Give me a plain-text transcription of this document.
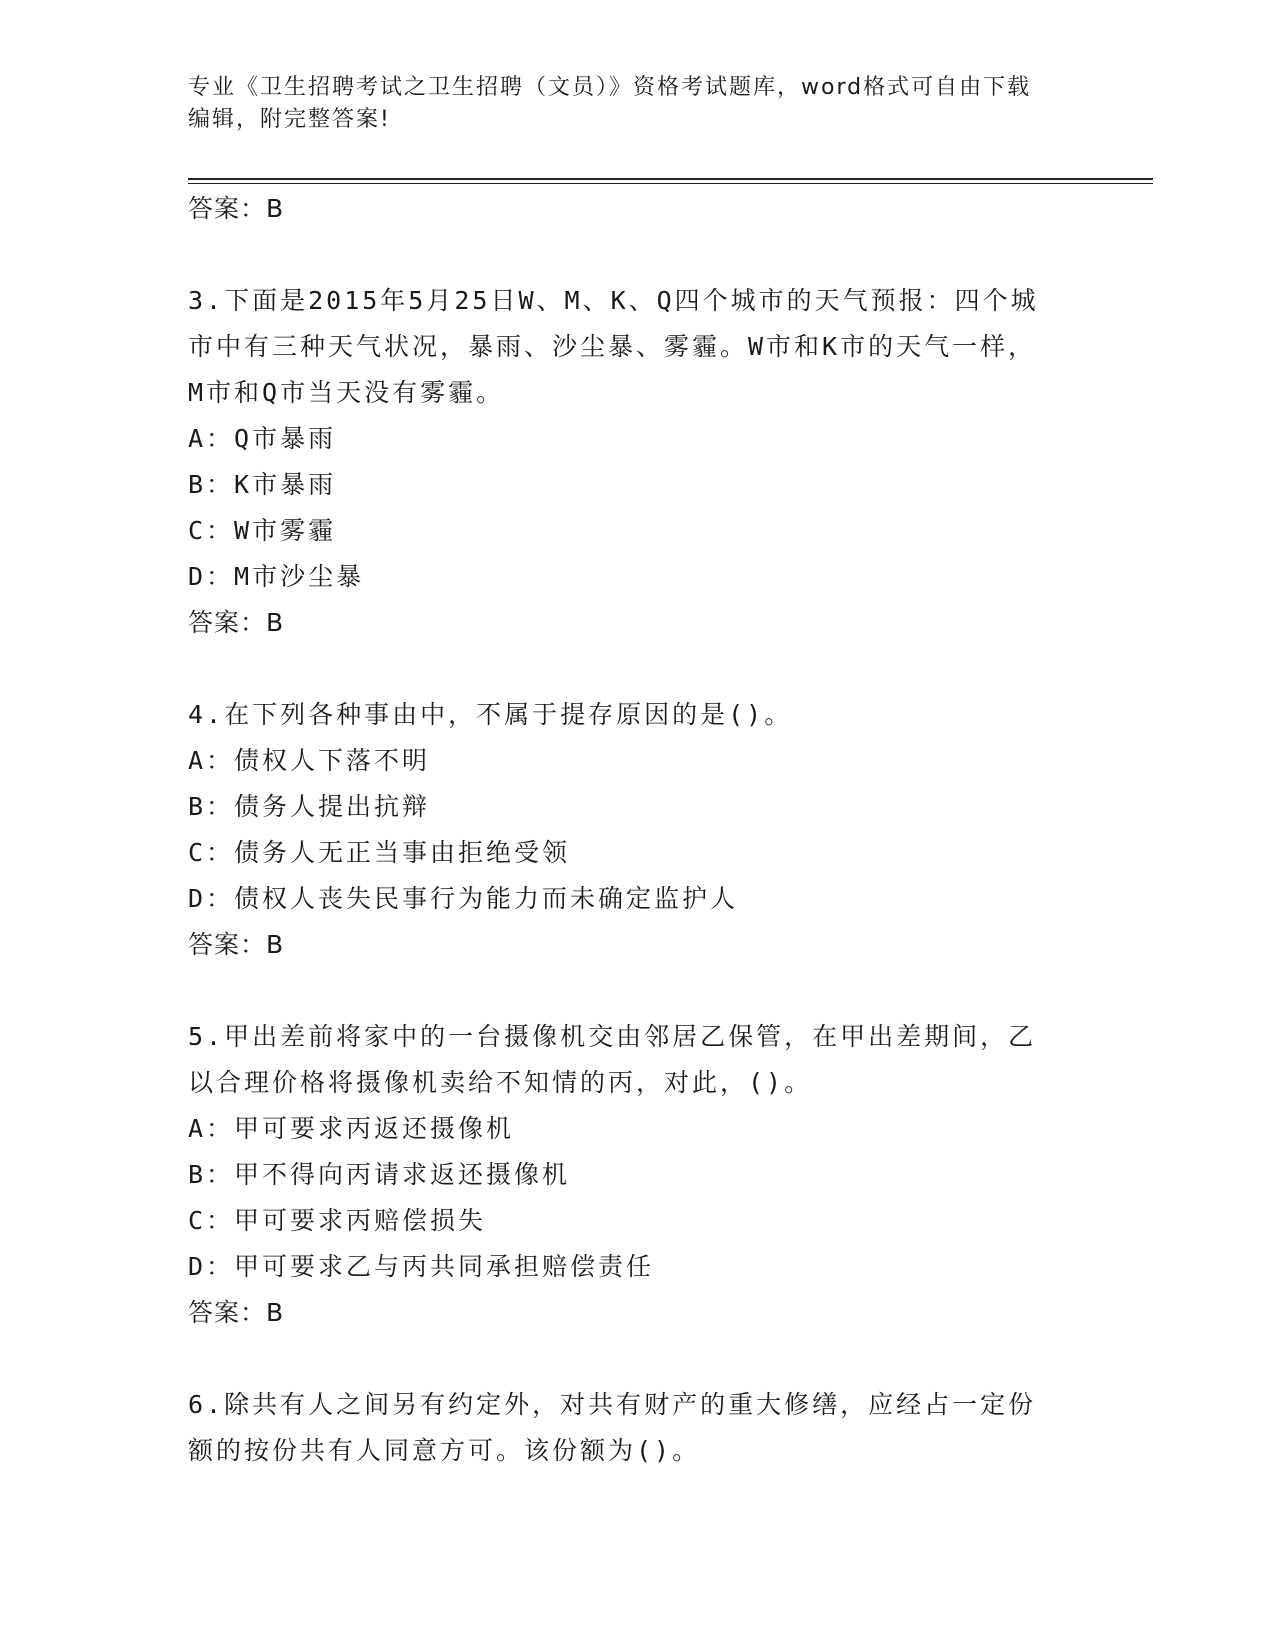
专业《卫生招聘考试之卫生招聘（文员）》资格考试题库，word格式可自由下载
编辑，附完整答案!
答案：B
3.下面是2015年5月25日W、M、K、Q四个城市的天气预报：四个城
市中有三种天气状况，暴雨、沙尘暴、雾霾。W市和K市的天气一样，
M市和Q市当天没有雾霾。
A：Q市暴雨
B：K市暴雨
C：W市雾霾
D：M市沙尘暴
答案：B
4.在下列各种事由中，不属于提存原因的是()。
A：债权人下落不明
B：债务人提出抗辩
C：债务人无正当事由拒绝受领
D：债权人丧失民事行为能力而未确定监护人
答案：B
5.甲出差前将家中的一台摄像机交由邻居乙保管，在甲出差期间，乙
以合理价格将摄像机卖给不知情的丙，对此，()。
A：甲可要求丙返还摄像机
B：甲不得向丙请求返还摄像机
C：甲可要求丙赔偿损失
D：甲可要求乙与丙共同承担赔偿责任
答案：B
6.除共有人之间另有约定外，对共有财产的重大修缮，应经占一定份
额的按份共有人同意方可。该份额为()。
